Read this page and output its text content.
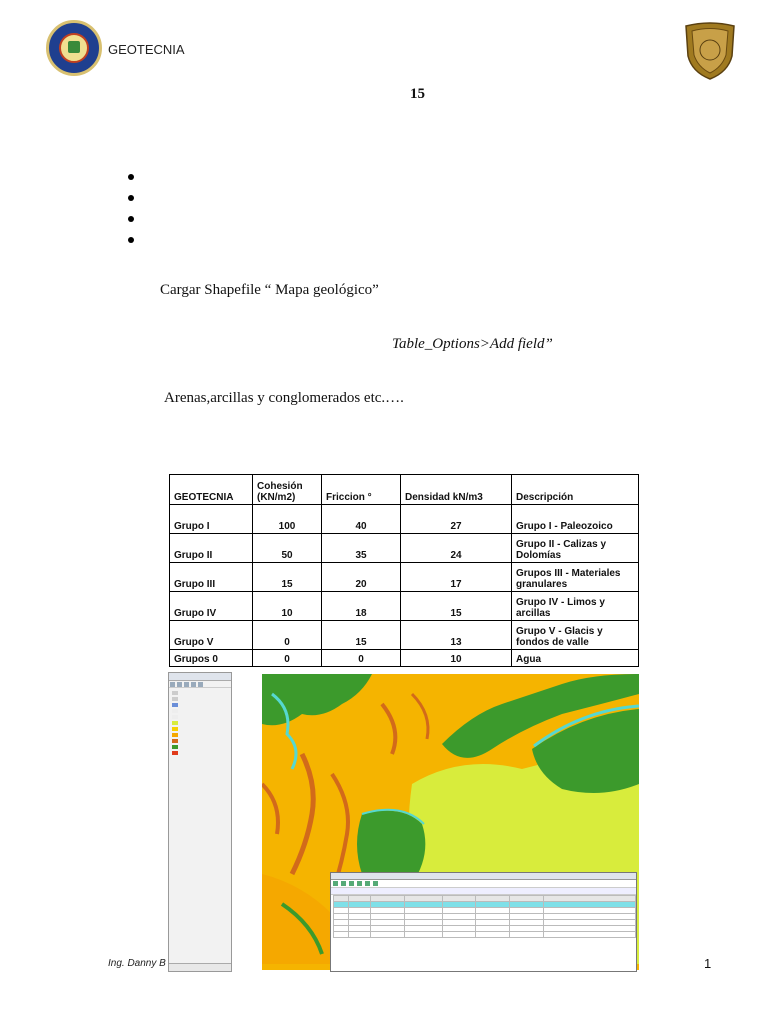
GEOTECNIA
15
Cargar Shapefile “ Mapa geológico”
Table_Options>Add field”
Arenas,arcillas y conglomerados etc.….
GEOTECNIA	Cohesión (KN/m2)	Friccion °	Densidad kN/m3	Descripción
Grupo I	100	40	27	Grupo I - Paleozoico
Grupo II	50	35	24	Grupo II - Calizas y Dolomías
Grupo III	15	20	17	Grupos III - Materiales granulares
Grupo IV	10	18	15	Grupo IV - Limos y arcillas
Grupo V	0	15	13	Grupo V - Glacis y fondos de valle
Grupos 0	0	0	10	Agua

Ing. Danny B	1
